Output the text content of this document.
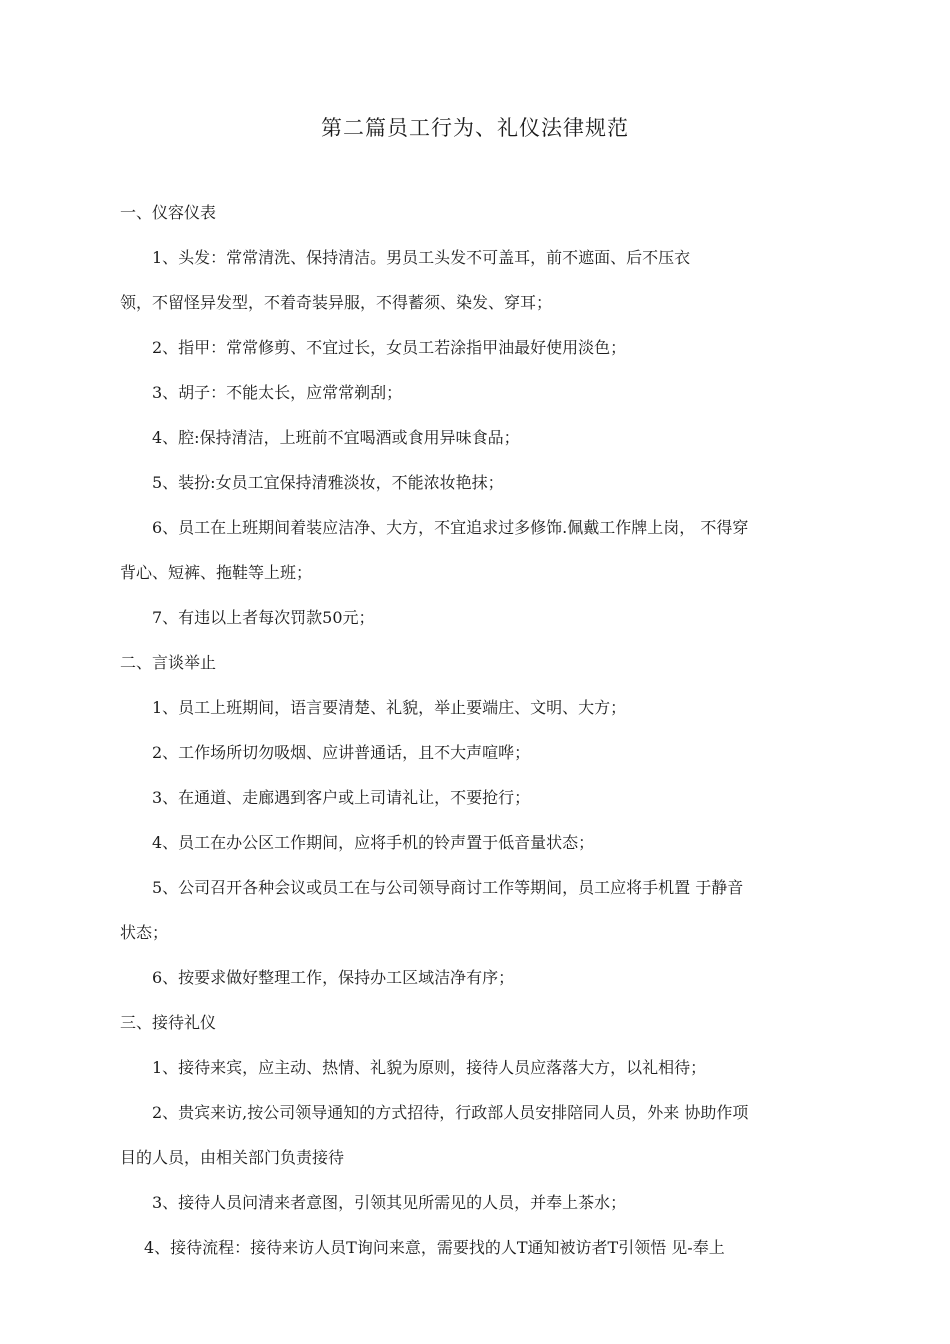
第二篇员工行为、礼仪法律规范
一、仪容仪表
1、头发：常常清洗、保持清洁。男员工头发不可盖耳，前不遮面、后不压衣
领，不留怪异发型，不着奇装异服，不得蓄须、染发、穿耳；
2、指甲：常常修剪、不宜过长，女员工若涂指甲油最好使用淡色；
3、胡子：不能太长，应常常剃刮；
4、腔:保持清洁，上班前不宜喝酒或食用异味食品；
5、装扮:女员工宜保持清雅淡妆，不能浓妆艳抹；
6、员工在上班期间着装应洁净、大方，不宜追求过多修饰.佩戴工作牌上岗， 不得穿
背心、短裤、拖鞋等上班；
7、有违以上者每次罚款50元；
二、言谈举止
1、员工上班期间，语言要清楚、礼貌，举止要端庄、文明、大方；
2、工作场所切勿吸烟、应讲普通话，且不大声喧哗；
3、在通道、走廊遇到客户或上司请礼让，不要抢行；
4、员工在办公区工作期间，应将手机的铃声置于低音量状态；
5、公司召开各种会议或员工在与公司领导商讨工作等期间，员工应将手机置 于静音
状态；
6、按要求做好整理工作，保持办工区域洁净有序；
三、接待礼仪
1、接待来宾，应主动、热情、礼貌为原则，接待人员应落落大方，以礼相待；
2、贵宾来访,按公司领导通知的方式招待，行政部人员安排陪同人员，外来 协助作项
目的人员，由相关部门负责接待
3、接待人员问清来者意图，引领其见所需见的人员，并奉上茶水；
4、接待流程：接待来访人员T询问来意，需要找的人T通知被访者T引领悟 见-奉上
